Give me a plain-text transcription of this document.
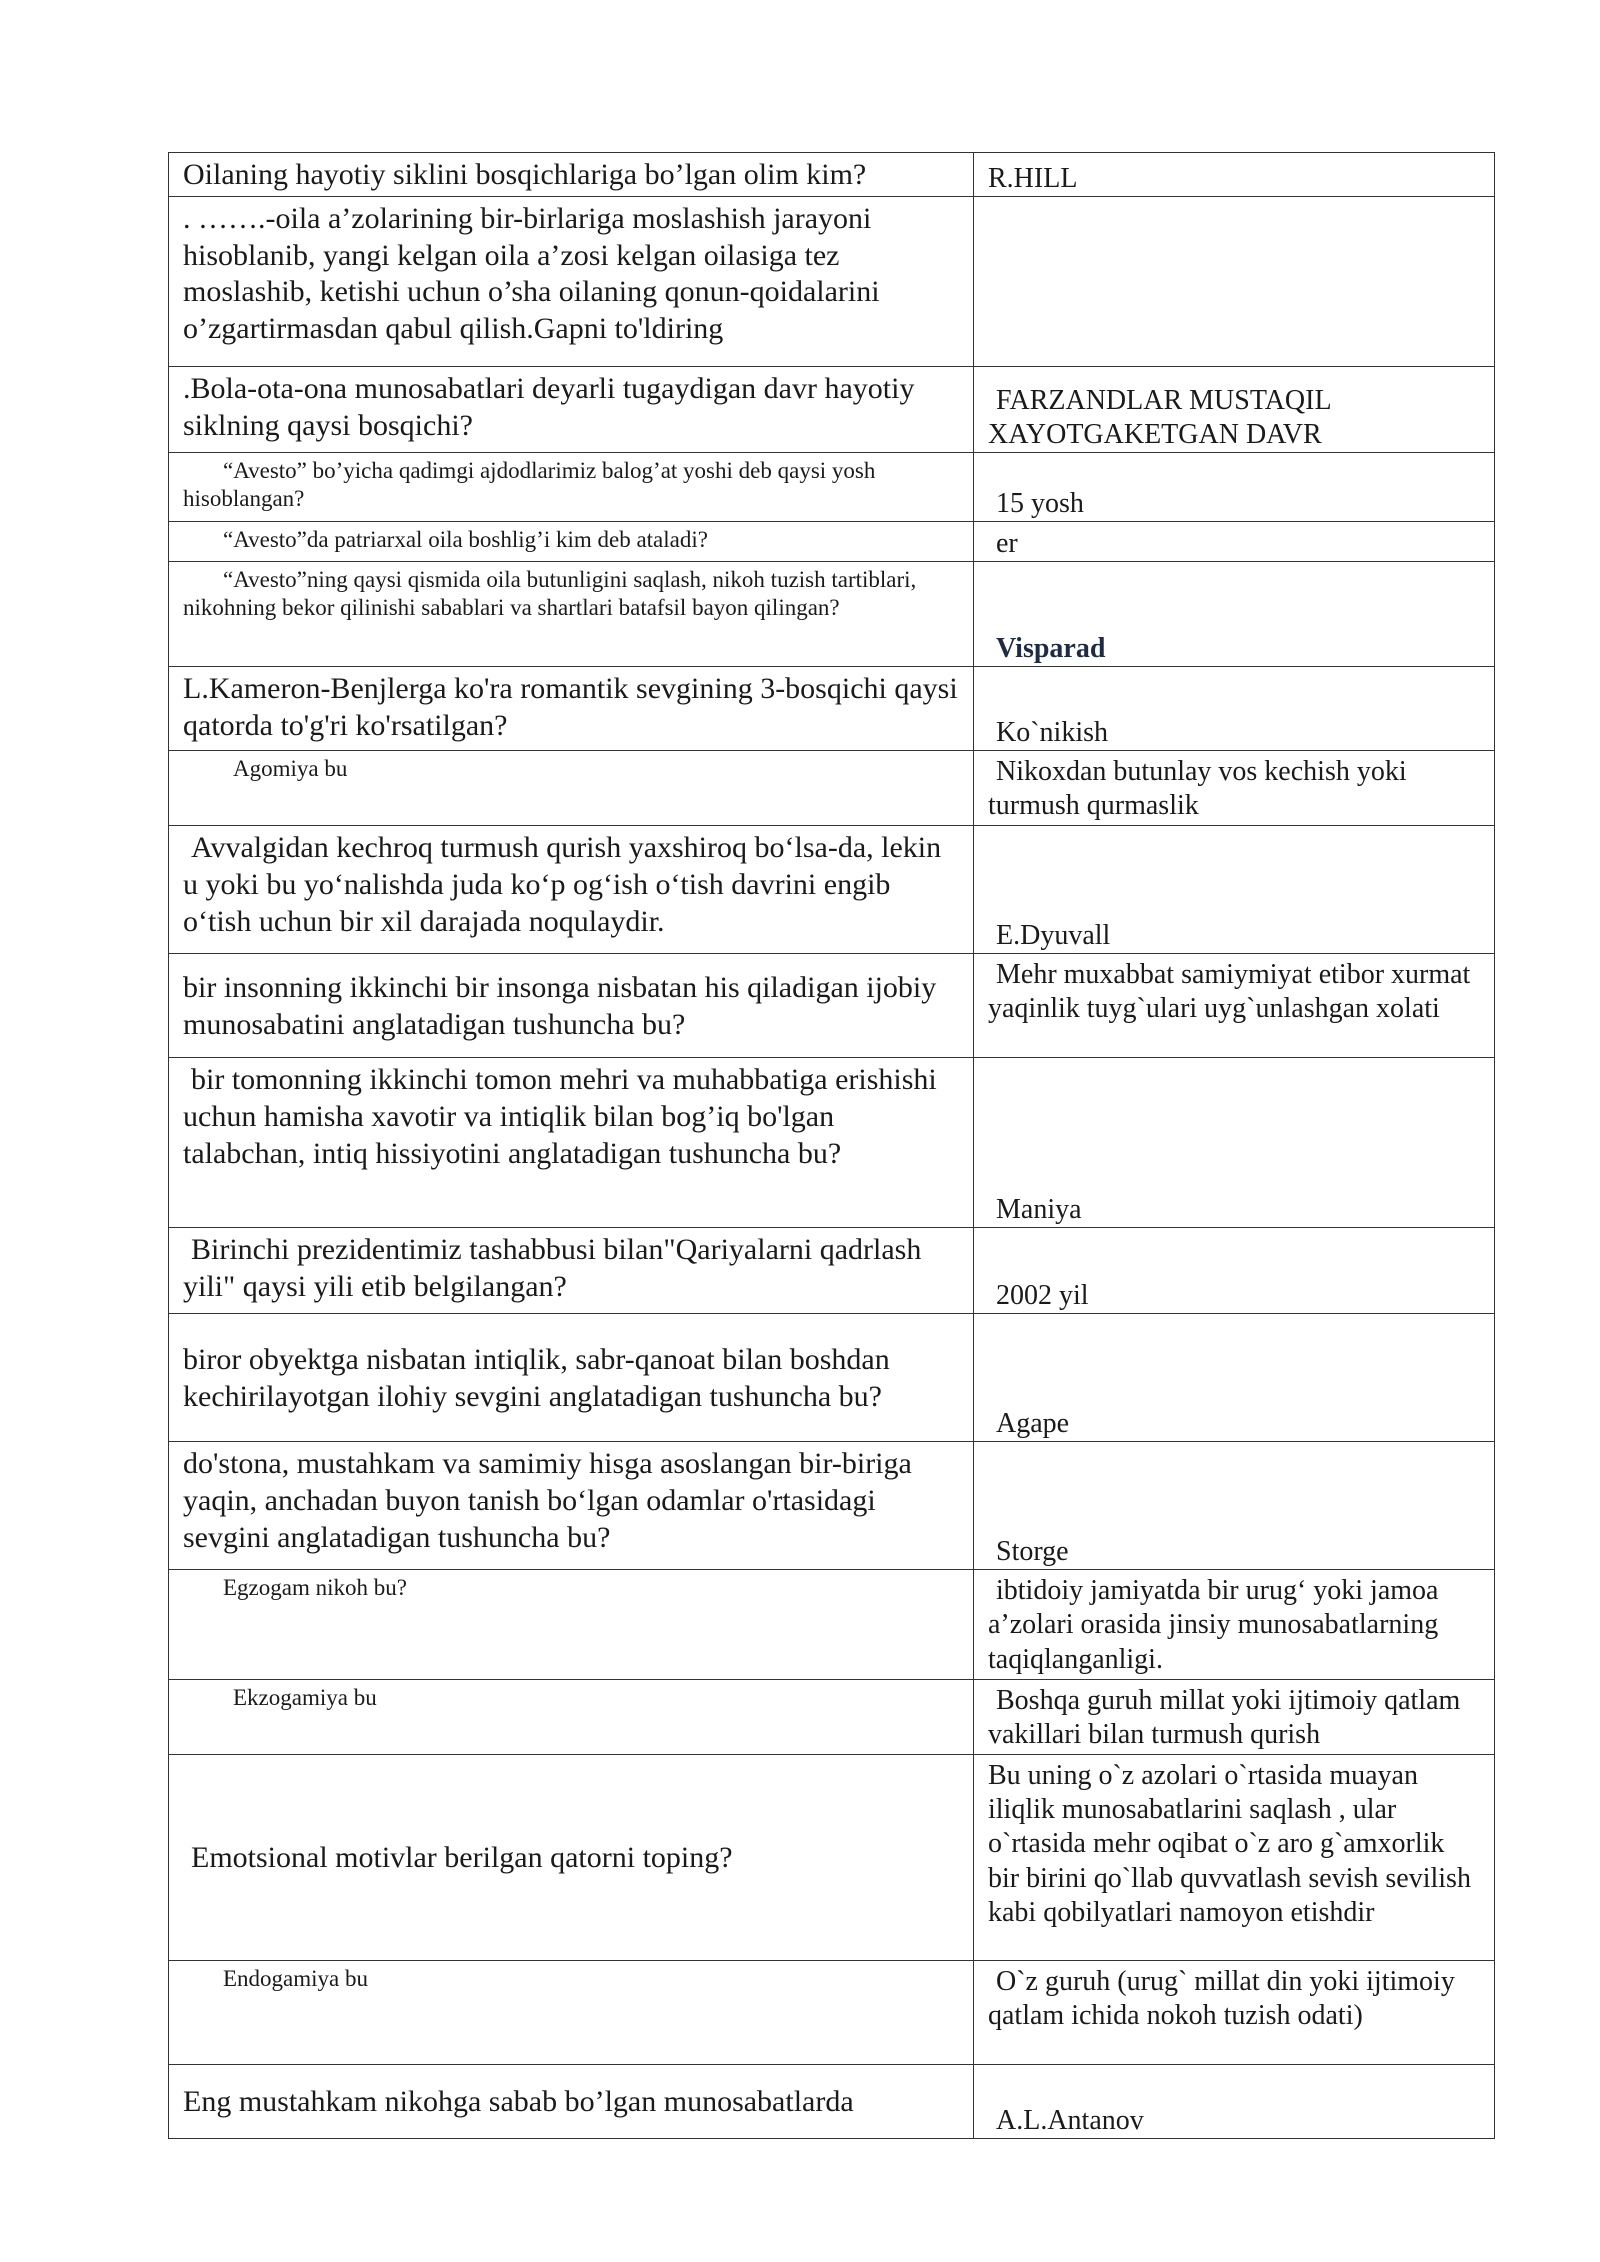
Oilaning hayotiy siklini bosqichlariga bo’lgan olim kim?	R.HILL

. …….-oila a’zolarining bir-birlariga moslashish jarayoni hisoblanib, yangi kelgan oila a’zosi kelgan oilasiga tez moslashib, ketishi uchun o’sha oilaning qonun-qoidalarini o’zgartirmasdan qabul qilish.Gapni to'ldiring	

.Bola-ota-ona munosabatlari deyarli tugaydigan davr hayotiy siklning qaysi bosqichi?	FARZANDLAR MUSTAQIL XAYOTGAKETGAN DAVR

“Avesto” bo’yicha qadimgi ajdodlarimiz balog’at yoshi deb qaysi yosh hisoblangan?	15 yosh

“Avesto”da patriarxal oila boshlig’i kim deb ataladi?	er

“Avesto”ning qaysi qismida oila butunligini saqlash, nikoh tuzish tartiblari, nikohning bekor qilinishi sabablari va shartlari batafsil bayon qilingan?	Visparad

L.Kameron-Benjlerga ko'ra romantik sevgining 3-bosqichi qaysi qatorda to'g'ri ko'rsatilgan?	Ko`nikish

Agomiya bu	Nikoxdan butunlay vos kechish yoki turmush qurmaslik

Avvalgidan kechroq turmush qurish yaxshiroq bo‘lsa-da, lekin u yoki bu yo‘nalishda juda ko‘p og‘ish o‘tish davrini engib o‘tish uchun bir xil darajada noqulaydir.	E.Dyuvall

bir insonning ikkinchi bir insonga nisbatan his qiladigan ijobiy munosabatini anglatadigan tushuncha bu?	Mehr muxabbat samiymiyat etibor xurmat yaqinlik tuyg`ulari uyg`unlashgan xolati

bir tomonning ikkinchi tomon mehri va muhabbatiga erishishi uchun hamisha xavotir va intiqlik bilan bog’iq bo'lgan talabchan, intiq hissiyotini anglatadigan tushuncha bu?	Maniya

Birinchi prezidentimiz tashabbusi bilan"Qariyalarni qadrlash yili" qaysi yili etib belgilangan?	2002 yil

biror obyektga nisbatan intiqlik, sabr-qanoat bilan boshdan kechirilayotgan ilohiy sevgini anglatadigan tushuncha bu?	Agape

do'stona, mustahkam va samimiy hisga asoslangan bir-biriga yaqin, anchadan buyon tanish bo‘lgan odamlar o'rtasidagi sevgini anglatadigan tushuncha bu?	Storge

Egzogam nikoh bu?	ibtidoiy jamiyatda bir urug‘ yoki jamoa a’zolari orasida jinsiy munosabatlarning taqiqlanganligi.

Ekzogamiya bu	Boshqa guruh millat yoki ijtimoiy qatlam vakillari bilan turmush qurish

Emotsional motivlar berilgan qatorni toping?	Bu uning o`z azolari o`rtasida muayan iliqlik munosabatlarini saqlash , ular o`rtasida mehr oqibat o`z aro g`amxorlik bir birini qo`llab quvvatlash sevish sevilish kabi qobilyatlari namoyon etishdir

Endogamiya bu	O`z guruh (urug` millat din yoki ijtimoiy qatlam ichida nokoh tuzish odati)

Eng mustahkam nikohga sabab bo’lgan munosabatlarda	A.L.Antanov
